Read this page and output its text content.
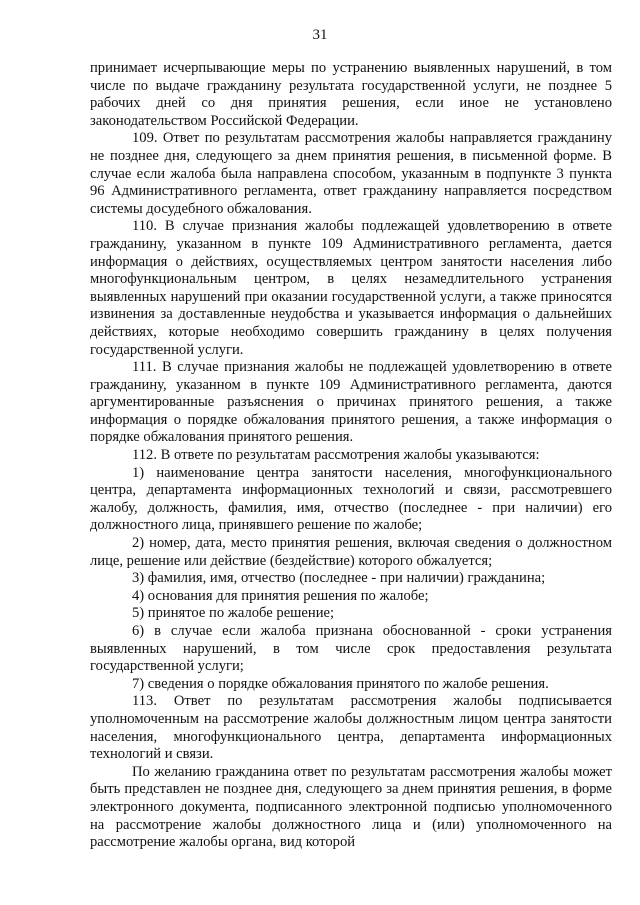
31

принимает исчерпывающие меры по устранению выявленных нарушений, в том числе по выдаче гражданину результата государственной услуги, не позднее 5 рабочих дней со дня принятия решения, если иное не установлено законодательством Российской Федерации.

109. Ответ по результатам рассмотрения жалобы направляется гражданину не позднее дня, следующего за днем принятия решения, в письменной форме. В случае если жалоба была направлена способом, указанным в подпункте 3 пункта 96 Административного регламента, ответ гражданину направляется посредством системы досудебного обжалования.

110. В случае признания жалобы подлежащей удовлетворению в ответе гражданину, указанном в пункте 109 Административного регламента, дается информация о действиях, осуществляемых центром занятости населения либо многофункциональным центром, в целях незамедлительного устранения выявленных нарушений при оказании государственной услуги, а также приносятся извинения за доставленные неудобства и указывается информация о дальнейших действиях, которые необходимо совершить гражданину в целях получения государственной услуги.

111. В случае признания жалобы не подлежащей удовлетворению в ответе гражданину, указанном в пункте 109 Административного регламента, даются аргументированные разъяснения о причинах принятого решения, а также информация о порядке обжалования принятого решения, а также информация о порядке обжалования принятого решения.

112. В ответе по результатам рассмотрения жалобы указываются:

1) наименование центра занятости населения, многофункционального центра, департамента информационных технологий и связи, рассмотревшего жалобу, должность, фамилия, имя, отчество (последнее - при наличии) его должностного лица, принявшего решение по жалобе;

2) номер, дата, место принятия решения, включая сведения о должностном лице, решение или действие (бездействие) которого обжалуется;

3) фамилия, имя, отчество (последнее - при наличии) гражданина;

4) основания для принятия решения по жалобе;

5) принятое по жалобе решение;

6) в случае если жалоба признана обоснованной - сроки устранения выявленных нарушений, в том числе срок предоставления результата государственной услуги;

7) сведения о порядке обжалования принятого по жалобе решения.

113. Ответ по результатам рассмотрения жалобы подписывается уполномоченным на рассмотрение жалобы должностным лицом центра занятости населения, многофункционального центра, департамента информационных технологий и связи.

По желанию гражданина ответ по результатам рассмотрения жалобы может быть представлен не позднее дня, следующего за днем принятия решения, в форме электронного документа, подписанного электронной подписью уполномоченного на рассмотрение жалобы должностного лица и (или) уполномоченного на рассмотрение жалобы органа, вид которой
